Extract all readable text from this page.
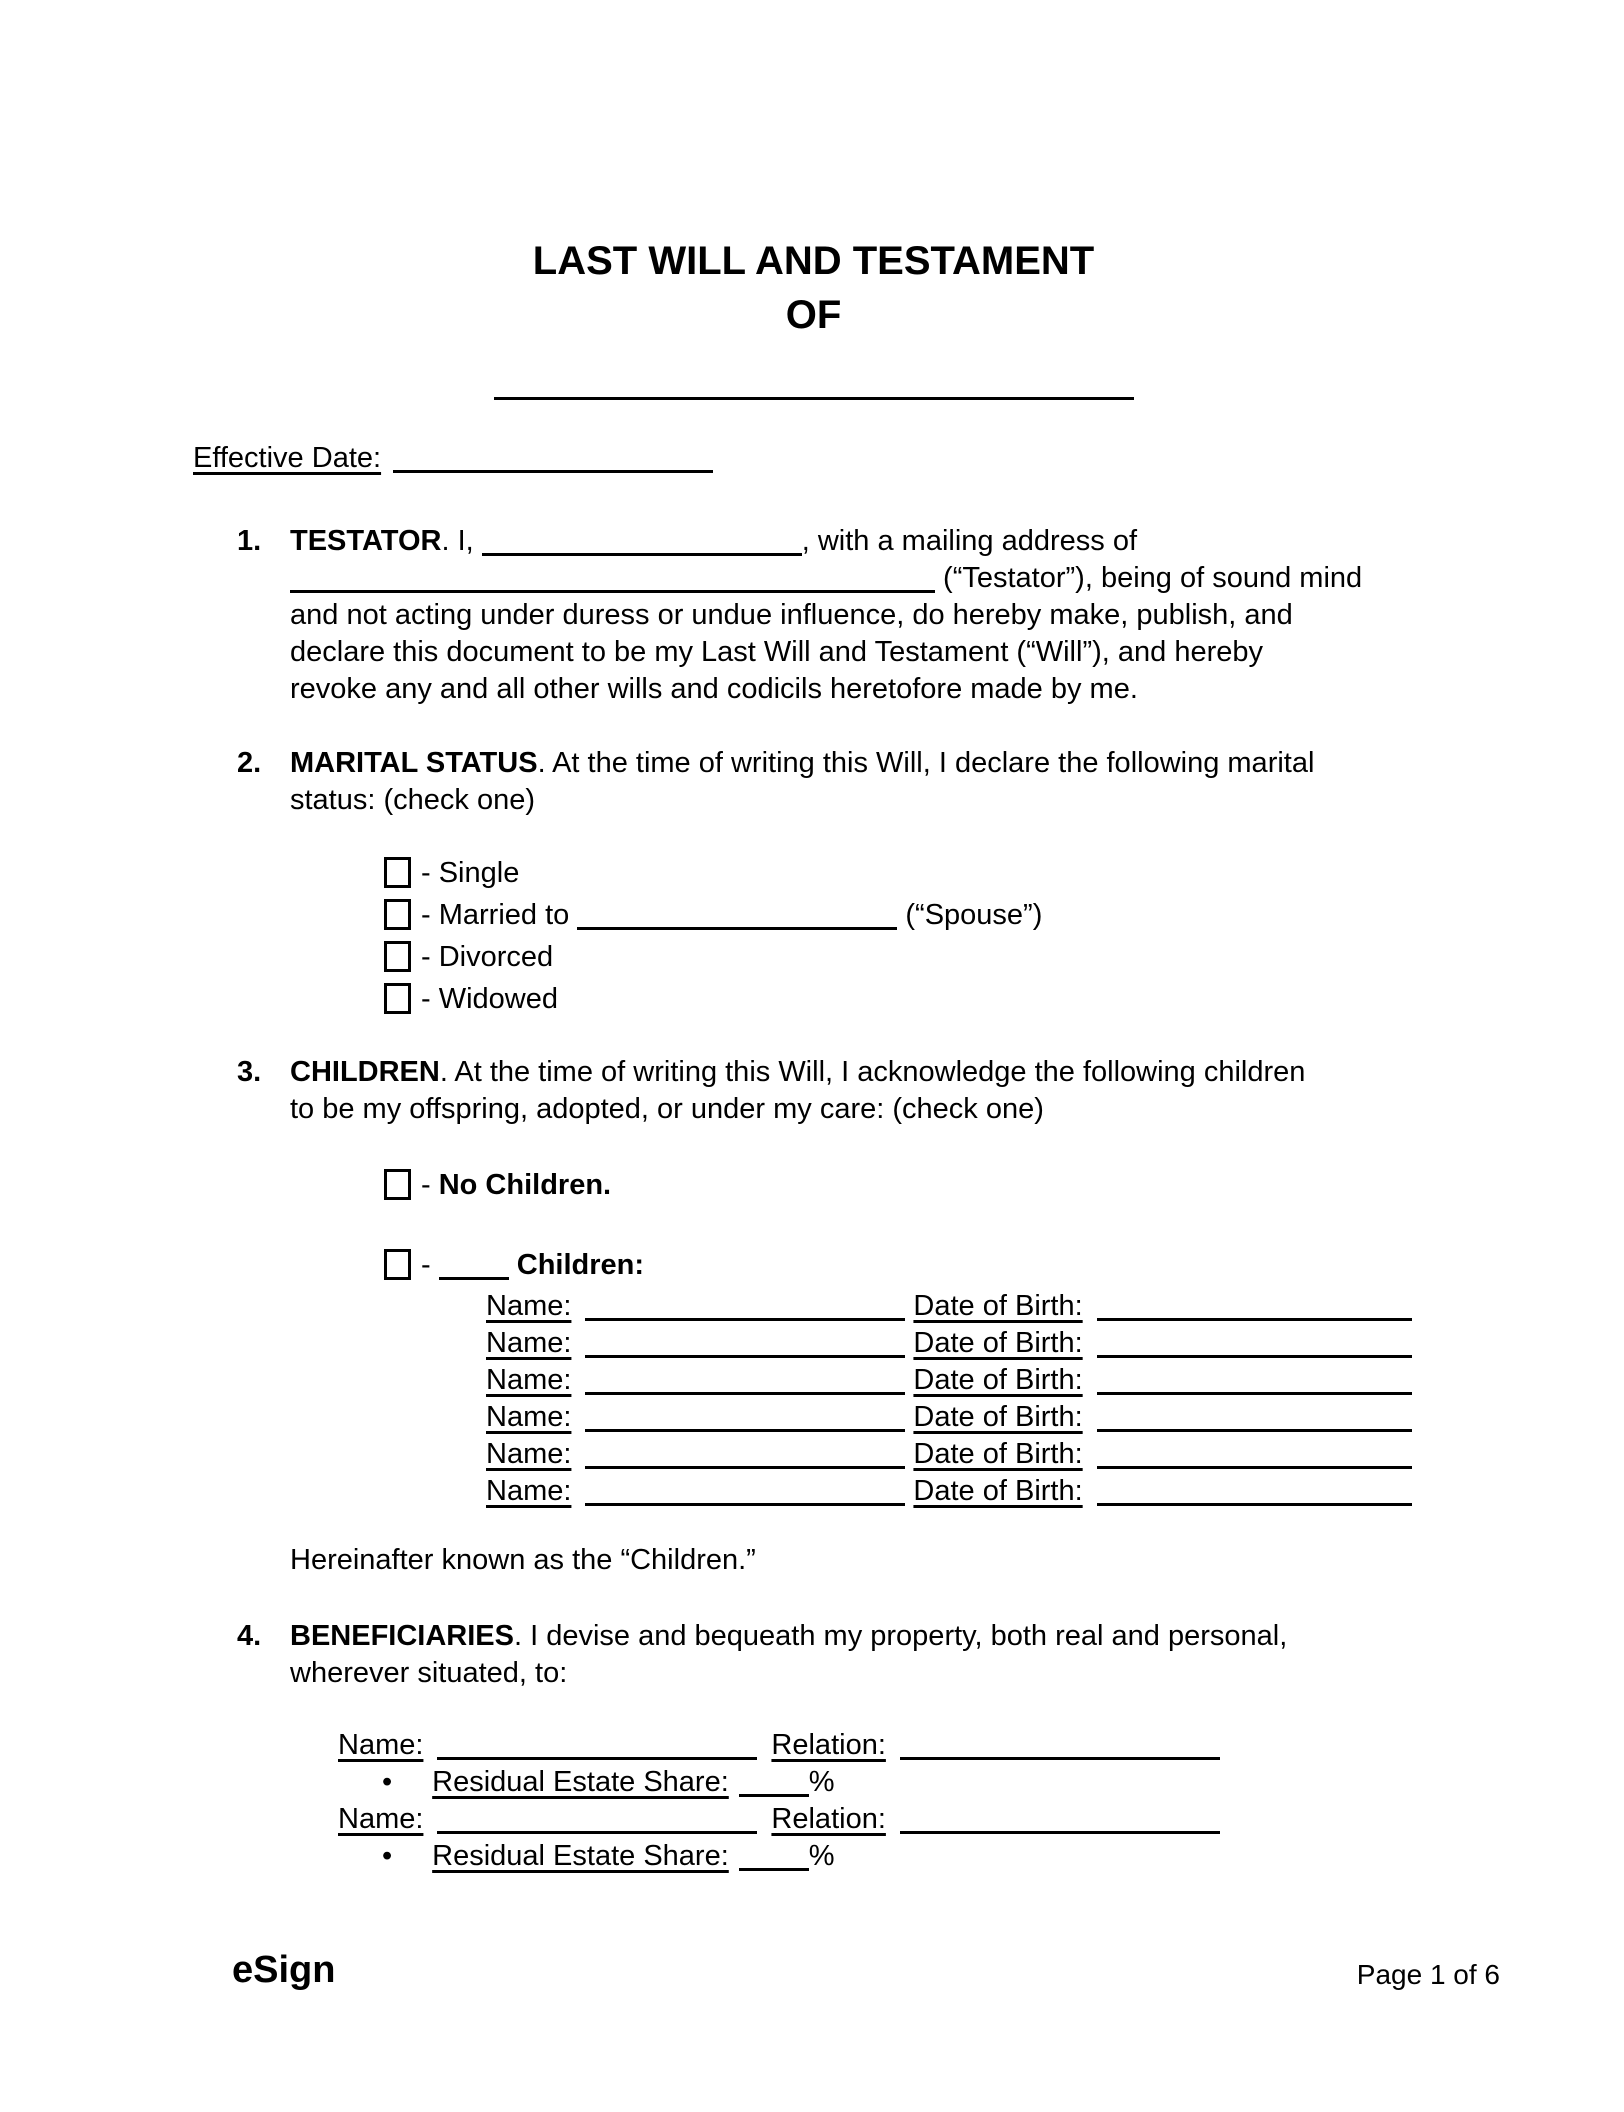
LAST WILL AND TESTAMENT
OF
Effective Date:
1. TESTATOR. I,	, with a mailing address of
(“Testator”), being of sound mind
and not acting under duress or undue influence, do hereby make, publish, and
declare this document to be my Last Will and Testament (“Will”), and hereby
revoke any and all other wills and codicils heretofore made by me.
2. MARITAL STATUS. At the time of writing this Will, I declare the following marital
status: (check one)
- Single
- Married to	(“Spouse”)
- Divorced
- Widowed
3. CHILDREN. At the time of writing this Will, I acknowledge the following children
to be my offspring, adopted, or under my care: (check one)
- No Children.
-  Children:
Name:	Date of Birth:
Name:	Date of Birth:
Name:	Date of Birth:
Name:	Date of Birth:
Name:	Date of Birth:
Name:	Date of Birth:
Hereinafter known as the “Children.”
4. BENEFICIARIES. I devise and bequeath my property, both real and personal,
wherever situated, to:
Name:	Relation:
• Residual Estate Share:	%
Name:	Relation:
• Residual Estate Share:	%
eSign	Page 1 of 6
